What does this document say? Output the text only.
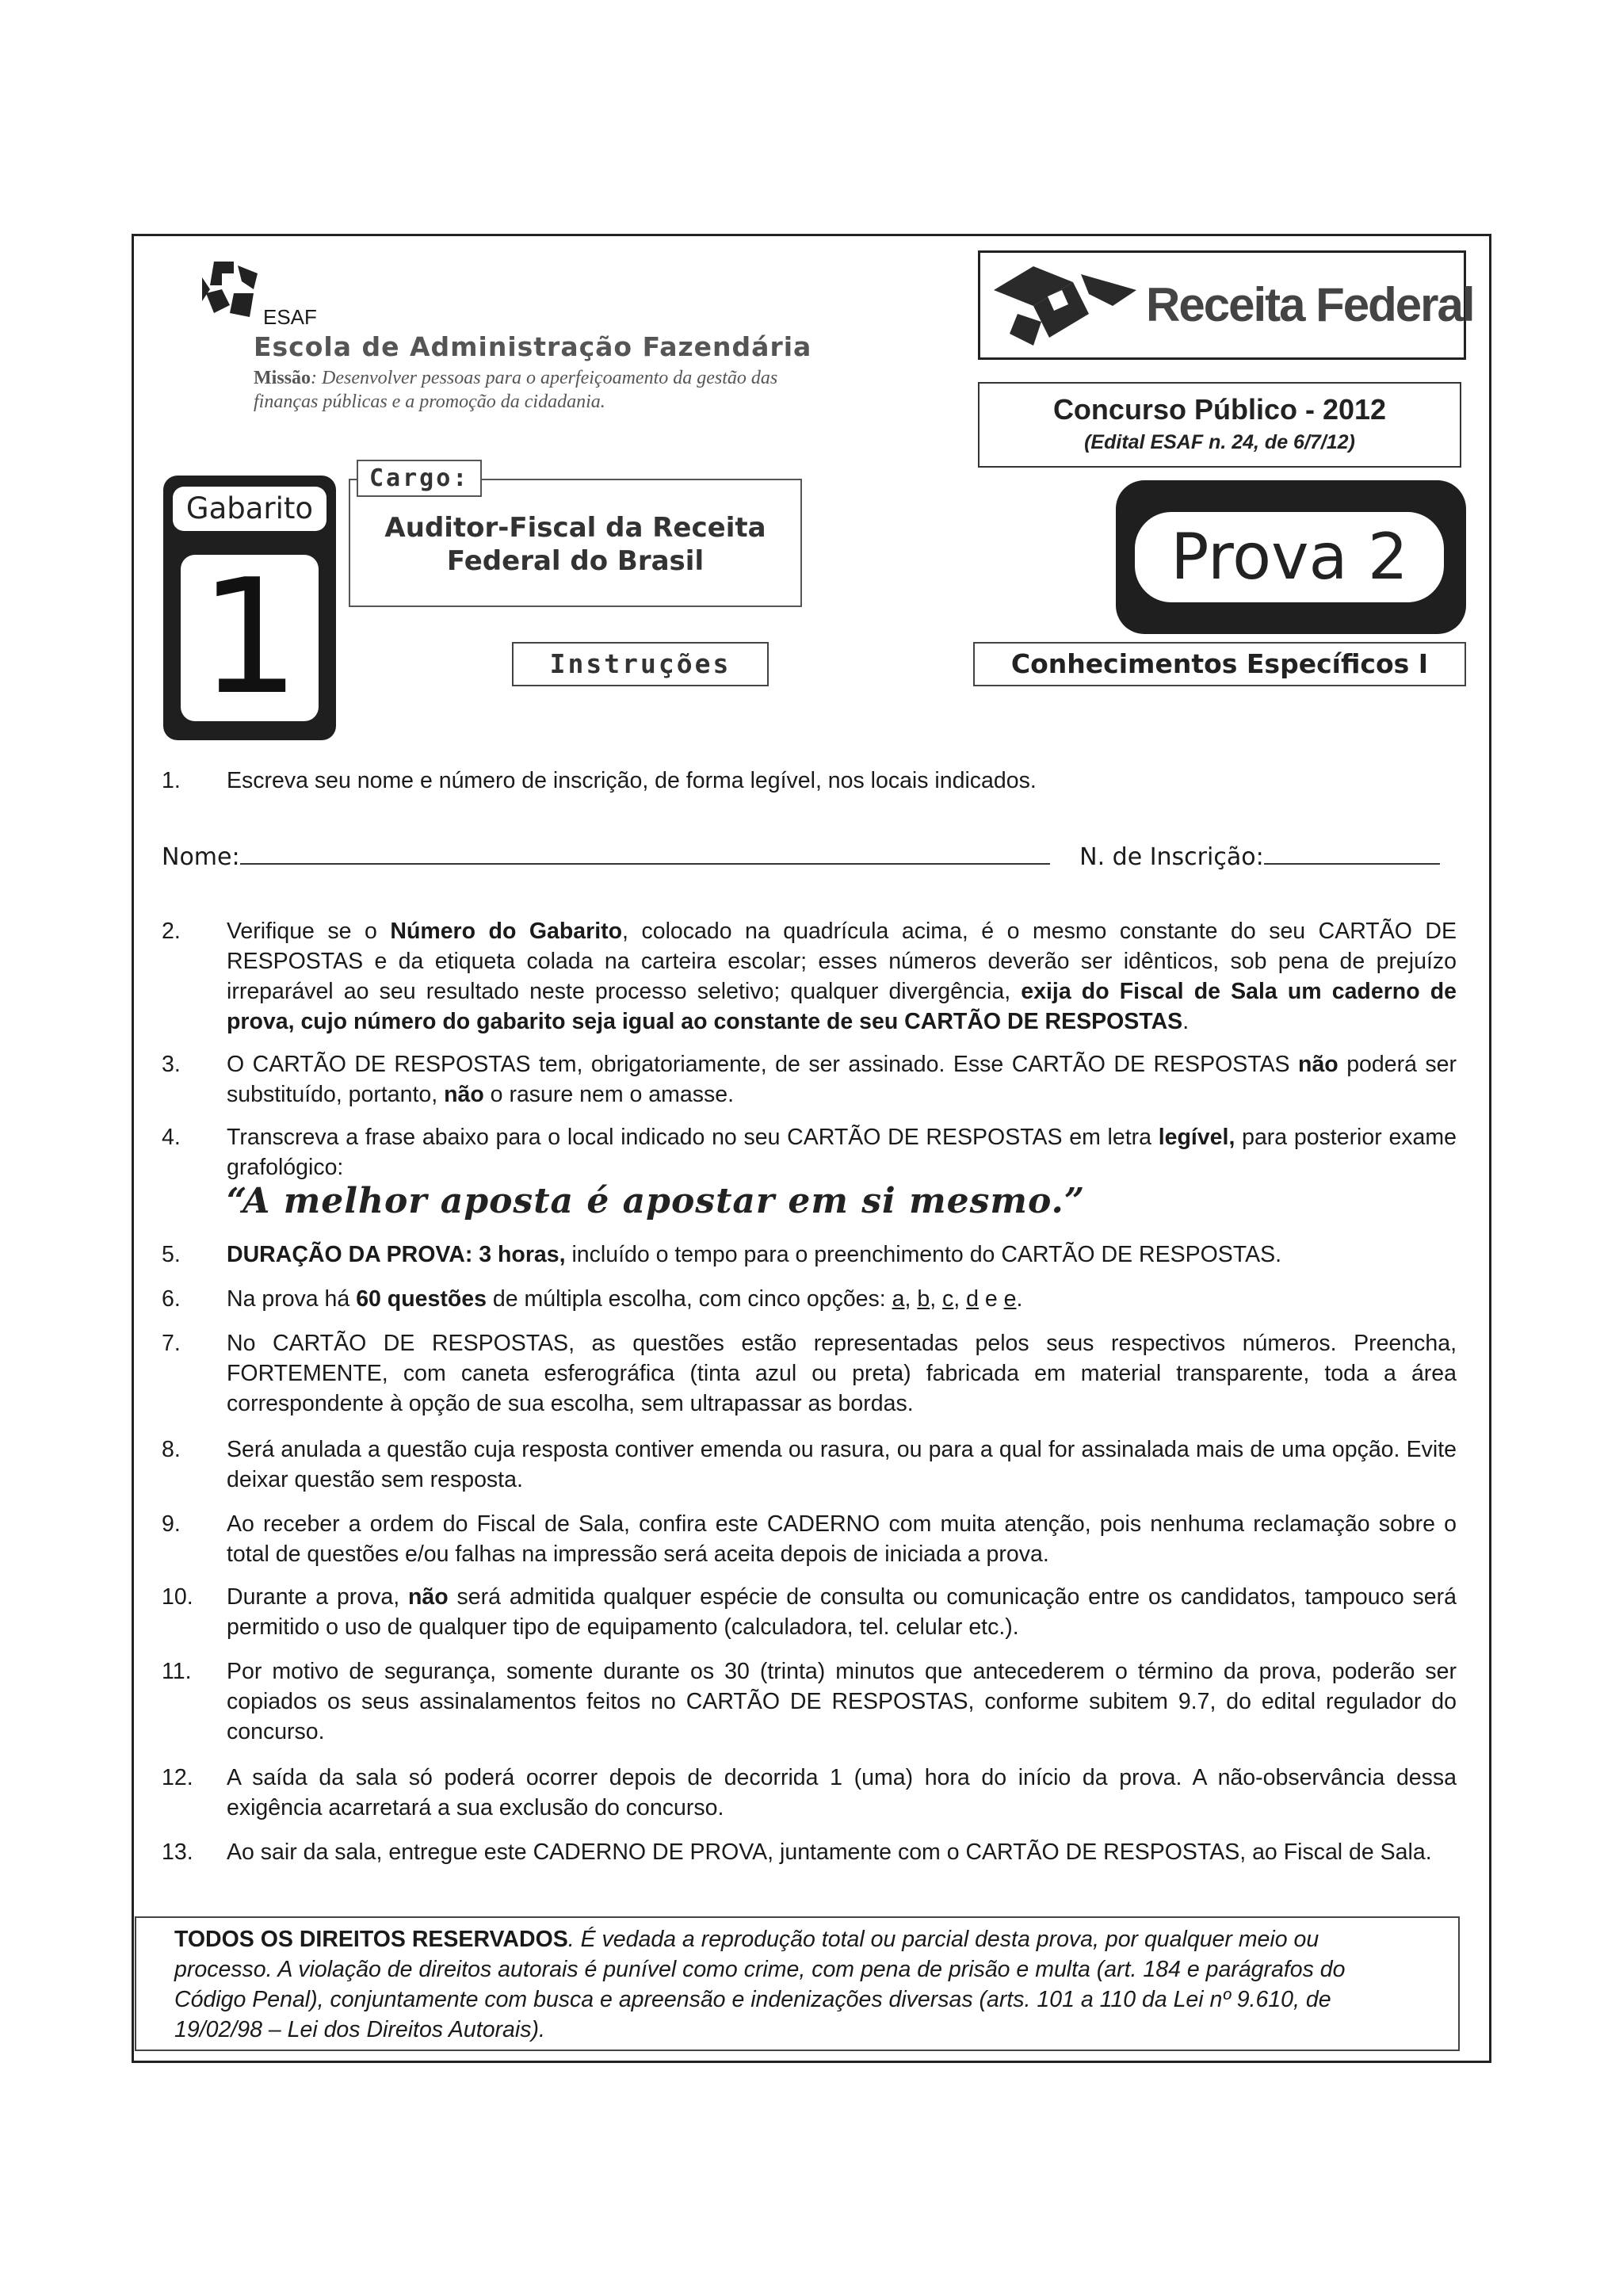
ESAF
Escola de Administração Fazendária
Missão: Desenvolver pessoas para o aperfeiçoamento da gestão das finanças públicas e a promoção da cidadania.
Receita Federal
Concurso Público - 2012
(Edital ESAF n. 24, de 6/7/12)
Gabarito
1
Cargo:
Auditor-Fiscal da Receita
Federal do Brasil	Prova 2
Instruções	Conhecimentos Específicos I
1. Escreva seu nome e número de inscrição, de forma legível, nos locais indicados.
Nome:	N. de Inscrição:
2. Verifique se o Número do Gabarito, colocado na quadrícula acima, é o mesmo constante do seu CARTÃO DE RESPOSTAS e da etiqueta colada na carteira escolar; esses números deverão ser idênticos, sob pena de prejuízo irreparável ao seu resultado neste processo seletivo; qualquer divergência, exija do Fiscal de Sala um caderno de prova, cujo número do gabarito seja igual ao constante de seu CARTÃO DE RESPOSTAS.
3. O CARTÃO DE RESPOSTAS tem, obrigatoriamente, de ser assinado. Esse CARTÃO DE RESPOSTAS não poderá ser substituído, portanto, não o rasure nem o amasse.
4. Transcreva a frase abaixo para o local indicado no seu CARTÃO DE RESPOSTAS em letra legível, para posterior exame grafológico:
“A melhor aposta é apostar em si mesmo.”
5. DURAÇÃO DA PROVA: 3 horas, incluído o tempo para o preenchimento do CARTÃO DE RESPOSTAS.
6. Na prova há 60 questões de múltipla escolha, com cinco opções: a, b, c, d e e.
7. No CARTÃO DE RESPOSTAS, as questões estão representadas pelos seus respectivos números. Preencha, FORTEMENTE, com caneta esferográfica (tinta azul ou preta) fabricada em material transparente, toda a área correspondente à opção de sua escolha, sem ultrapassar as bordas.
8. Será anulada a questão cuja resposta contiver emenda ou rasura, ou para a qual for assinalada mais de uma opção. Evite deixar questão sem resposta.
9. Ao receber a ordem do Fiscal de Sala, confira este CADERNO com muita atenção, pois nenhuma reclamação sobre o total de questões e/ou falhas na impressão será aceita depois de iniciada a prova.
10. Durante a prova, não será admitida qualquer espécie de consulta ou comunicação entre os candidatos, tampouco será permitido o uso de qualquer tipo de equipamento (calculadora, tel. celular etc.).
11. Por motivo de segurança, somente durante os 30 (trinta) minutos que antecederem o término da prova, poderão ser copiados os seus assinalamentos feitos no CARTÃO DE RESPOSTAS, conforme subitem 9.7, do edital regulador do concurso.
12. A saída da sala só poderá ocorrer depois de decorrida 1 (uma) hora do início da prova. A não-observância dessa exigência acarretará a sua exclusão do concurso.
13. Ao sair da sala, entregue este CADERNO DE PROVA, juntamente com o CARTÃO DE RESPOSTAS, ao Fiscal de Sala.
TODOS OS DIREITOS RESERVADOS. É vedada a reprodução total ou parcial desta prova, por qualquer meio ou processo. A violação de direitos autorais é punível como crime, com pena de prisão e multa (art. 184 e parágrafos do Código Penal), conjuntamente com busca e apreensão e indenizações diversas (arts. 101 a 110 da Lei nº 9.610, de 19/02/98 – Lei dos Direitos Autorais).
